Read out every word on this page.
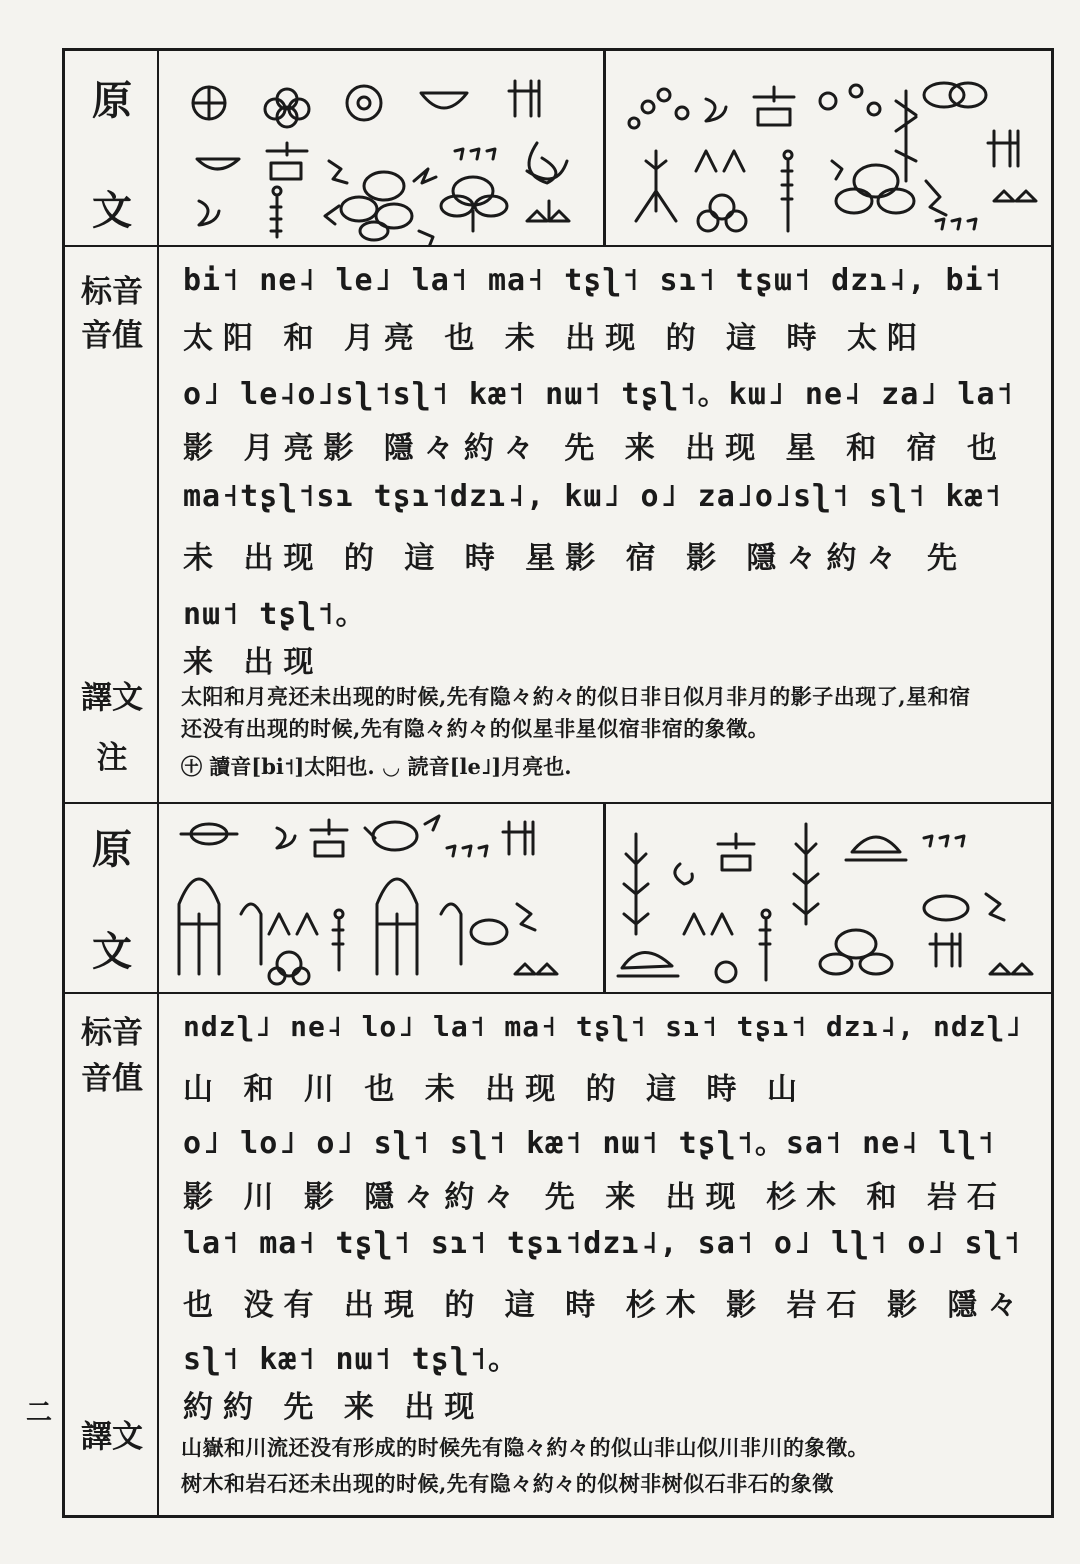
二
原
文
标音
音值
譯文
注
bi˦ ne˨ le˩ la˦ ma˧ tʂʅ˦ sɿ˦ tʂɯ˦ dzɿ˨, bi˦
太阳 和 月亮 也 未 出现 的 這 時 太阳
o˩ le˨o˩sʅ˦sʅ˦ kæ˦ nɯ˦ tʂʅ˦。kɯ˩ ne˨ za˩ la˦
影 月亮影 隱々約々 先 来 出现 星 和 宿 也
ma˧tʂʅ˦sɿ tʂɿ˦dzɿ˨, kɯ˩ o˩ za˩o˩sʅ˦ sʅ˦ kæ˦
未 出现 的 這 時 星影 宿 影 隱々約々 先
nɯ˦ tʂʅ˦。
来 出现
太阳和月亮还未出现的时候,先有隐々約々的似日非日似月非月的影子出现了,星和宿
还没有出现的时候,先有隐々約々的似星非星似宿非宿的象徵。
㊉ 讀音[bi˦]太阳也. ◡ 読音[le˩]月亮也.
原
文
标音
音值
譯文
ndzʅ˩ ne˨ lo˩ la˦ ma˧ tʂʅ˦ sɿ˦ tʂɿ˦ dzɿ˨, ndzʅ˩
山 和 川 也 未 出现 的 這 時 山
o˩ lo˩ o˩ sʅ˦ sʅ˦ kæ˦ nɯ˦ tʂʅ˦。sa˦ ne˨ lʅ˦
影 川 影 隱々約々 先 来 出现 杉木 和 岩石
la˦ ma˧ tʂʅ˦ sɿ˦ tʂɿ˦dzɿ˨, sa˦ o˩ lʅ˦ o˩ sʅ˦
也 没有 出現 的 這 時 杉木 影 岩石 影 隱々
sʅ˦ kæ˦ nɯ˦ tʂʅ˦。
約約 先 来 出现
山嶽和川流还没有形成的时候先有隐々約々的似山非山似川非川的象徵。
树木和岩石还未出现的时候,先有隐々約々的似树非树似石非石的象徵
